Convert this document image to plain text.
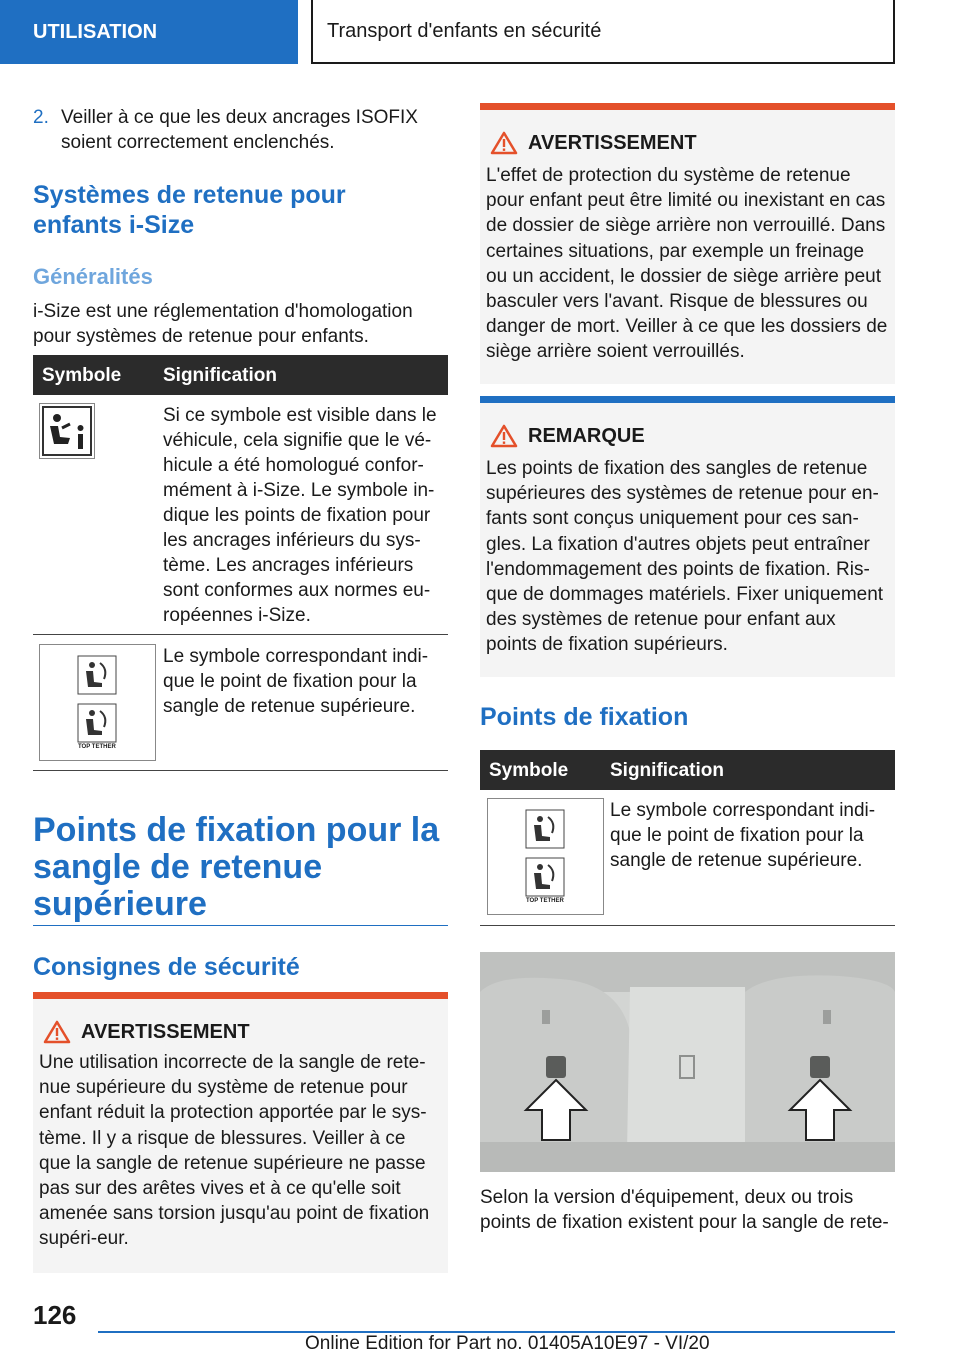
UTILISATION	Transport d'enfants en sécurité
2. Veiller à ce que les deux ancrages ISOFIX soient correctement enclenchés.
Systèmes de retenue pour enfants i-Size
Généralités
i-Size est une réglementation d'homologation pour systèmes de retenue pour enfants.
Symbole Signification
Si ce symbole est visible dans le véhicule, cela signifie que le vé-hicule a été homologué confor-mément à i-Size. Le symbole in-dique les points de fixation pour les ancrages inférieurs du sys-tème. Les ancrages inférieurs sont conformes aux normes eu-ropéennes i-Size.
TOP TETHER
Le symbole correspondant indi-que le point de fixation pour la sangle de retenue supérieure.
Points de fixation pour la sangle de retenue supérieure
Consignes de sécurité
AVERTISSEMENT
Une utilisation incorrecte de la sangle de rete-nue supérieure du système de retenue pour enfant réduit la protection apportée par le sys-tème. Il y a risque de blessures. Veiller à ce que la sangle de retenue supérieure ne passe pas sur des arêtes vives et à ce qu'elle soit amenée sans torsion jusqu'au point de fixation supéri-eur.
AVERTISSEMENT
L'effet de protection du système de retenue pour enfant peut être limité ou inexistant en cas de dossier de siège arrière non verrouillé. Dans certaines situations, par exemple un freinage ou un accident, le dossier de siège arrière peut basculer vers l'avant. Risque de blessures ou danger de mort. Veiller à ce que les dossiers de siège arrière soient verrouillés.
REMARQUE
Les points de fixation des sangles de retenue supérieures des systèmes de retenue pour en-fants sont conçus uniquement pour ces san-gles. La fixation d'autres objets peut entraîner l'endommagement des points de fixation. Ris-que de dommages matériels. Fixer uniquement des systèmes de retenue pour enfant aux points de fixation supérieurs.
Points de fixation
Symbole Signification
TOP TETHER
Le symbole correspondant indi-que le point de fixation pour la sangle de retenue supérieure.
Selon la version d'équipement, deux ou trois points de fixation existent pour la sangle de rete-
126
Online Edition for Part no. 01405A10E97 - VI/20
